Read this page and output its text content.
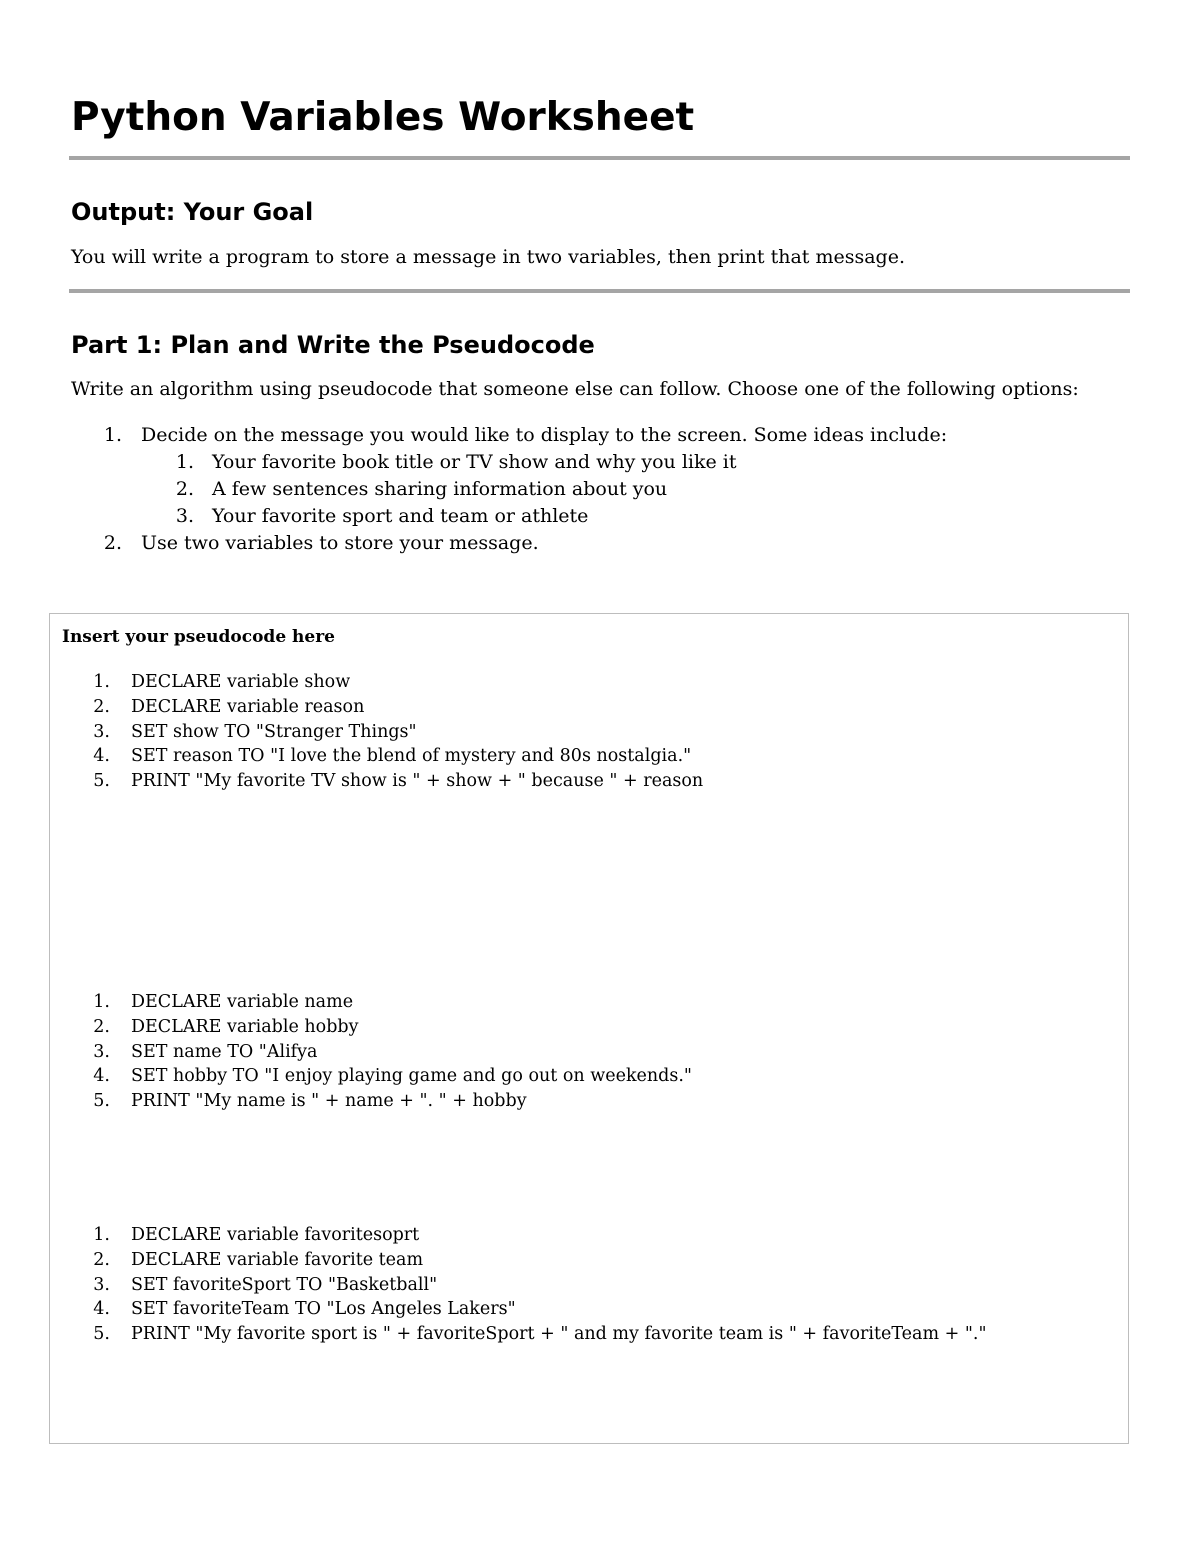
Python Variables Worksheet
Output: Your Goal
You will write a program to store a message in two variables, then print that message.
Part 1: Plan and Write the Pseudocode
Write an algorithm using pseudocode that someone else can follow. Choose one of the following options:
1. Decide on the message you would like to display to the screen. Some ideas include:
1. Your favorite book title or TV show and why you like it
2. A few sentences sharing information about you
3. Your favorite sport and team or athlete
2. Use two variables to store your message.
Insert your pseudocode here
1. DECLARE variable show
2. DECLARE variable reason
3. SET show TO "Stranger Things"
4. SET reason TO "I love the blend of mystery and 80s nostalgia."
5. PRINT "My favorite TV show is " + show + " because " + reason
1. DECLARE variable name
2. DECLARE variable hobby
3. SET name TO "Alifya
4. SET hobby TO "I enjoy playing game and go out on weekends."
5. PRINT "My name is " + name + ". " + hobby
1. DECLARE variable favoritesoprt
2. DECLARE variable favorite team
3. SET favoriteSport TO "Basketball"
4. SET favoriteTeam TO "Los Angeles Lakers"
5. PRINT "My favorite sport is " + favoriteSport + " and my favorite team is " + favoriteTeam + "."
